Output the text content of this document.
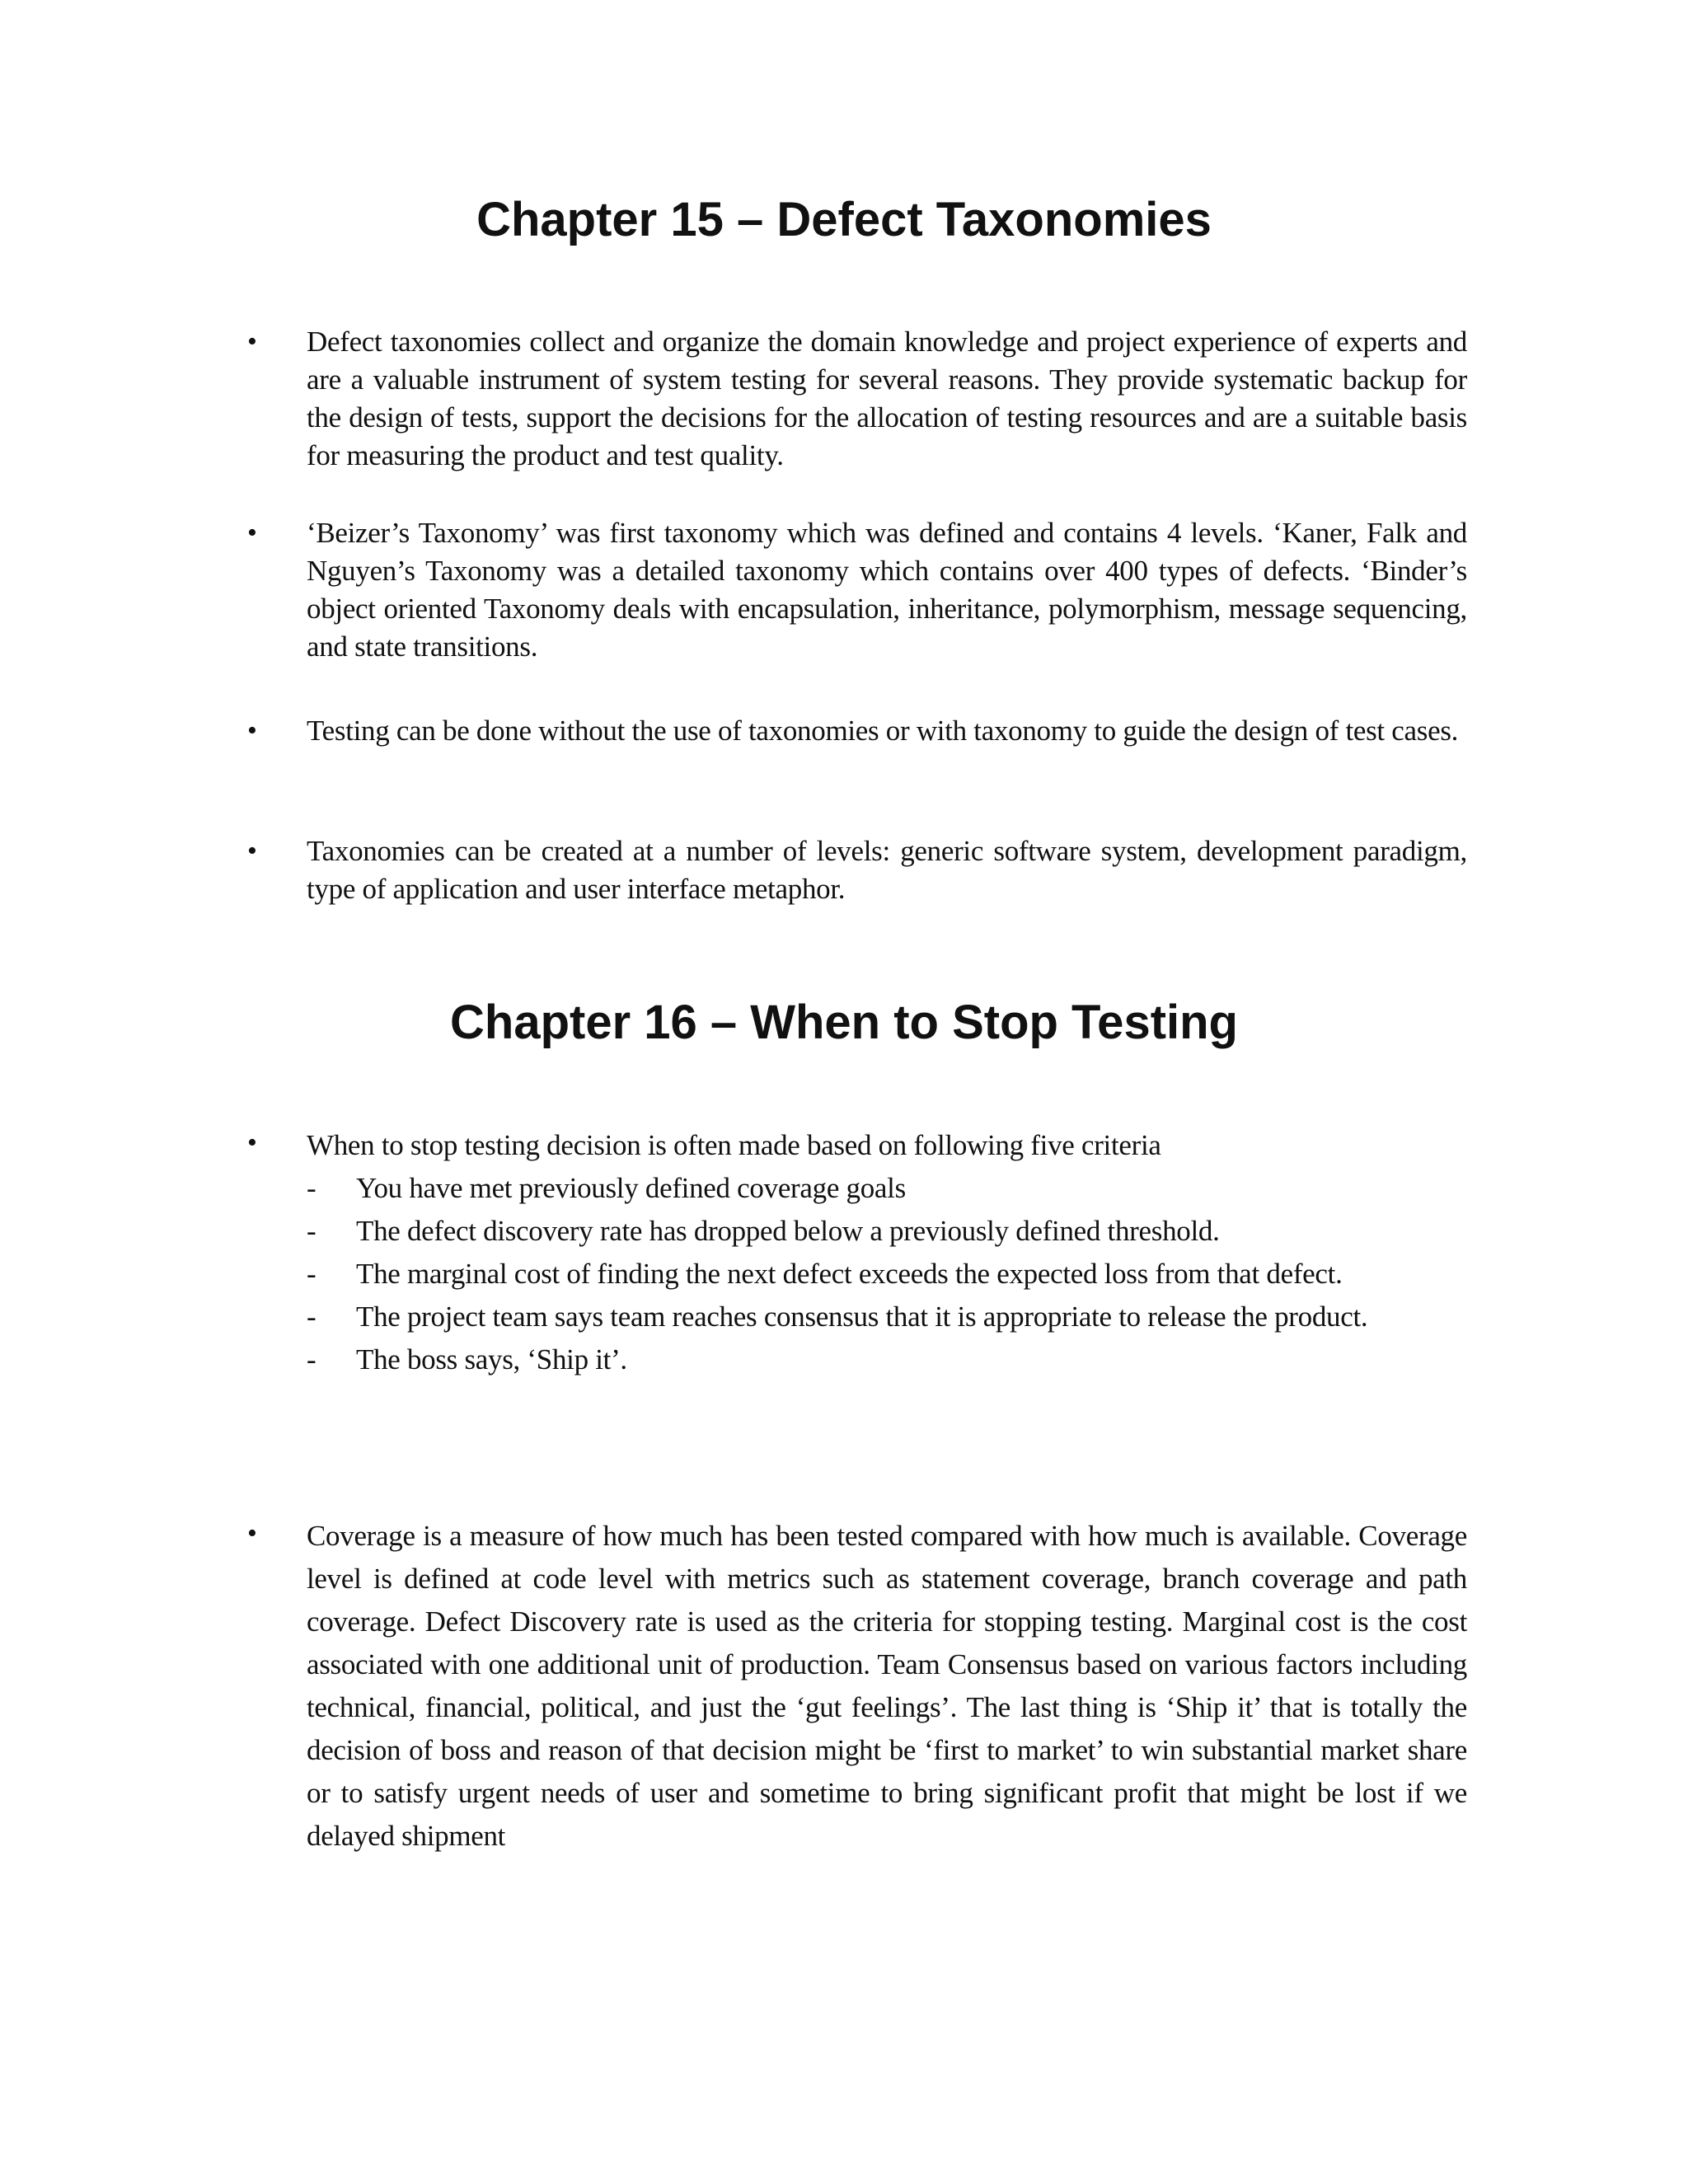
Chapter 15 – Defect Taxonomies
•	Defect taxonomies collect and organize the domain knowledge and project experience of experts and are a valuable instrument of system testing for several reasons. They provide systematic backup for the design of tests, support the decisions for the allocation of testing resources and are a suitable basis for measuring the product and test quality.

•	‘Beizer’s Taxonomy’ was first taxonomy which was defined and contains 4 levels. ‘Kaner, Falk and Nguyen’s Taxonomy was a detailed taxonomy which contains over 400 types of defects. ‘Binder’s object oriented Taxonomy deals with encapsulation, inheritance, polymorphism, message sequencing, and state transitions.

•	Testing can be done without the use of taxonomies or with taxonomy to guide the design of test cases.

•	Taxonomies can be created at a number of levels: generic software system, development paradigm, type of application and user interface metaphor.

Chapter 16 – When to Stop Testing
•	When to stop testing decision is often made based on following five criteria

-	You have met previously defined coverage goals
-	The defect discovery rate has dropped below a previously defined threshold.
-	The marginal cost of finding the next defect exceeds the expected loss from that defect.
-	The project team says team reaches consensus that it is appropriate to release the product.
-	The boss says, ‘Ship it’.
•	Coverage is a measure of how much has been tested compared with how much is available. Coverage level is defined at code level with metrics such as statement coverage, branch coverage and path coverage. Defect Discovery rate is used as the criteria for stopping testing. Marginal cost is the cost associated with one additional unit of production. Team Consensus based on various factors including technical, financial, political, and just the ‘gut feelings’. The last thing is ‘Ship it’ that is totally the decision of boss and reason of that decision might be ‘first to market’ to win substantial market share or to satisfy urgent needs of user and sometime to bring significant profit that might be lost if we delayed shipment
